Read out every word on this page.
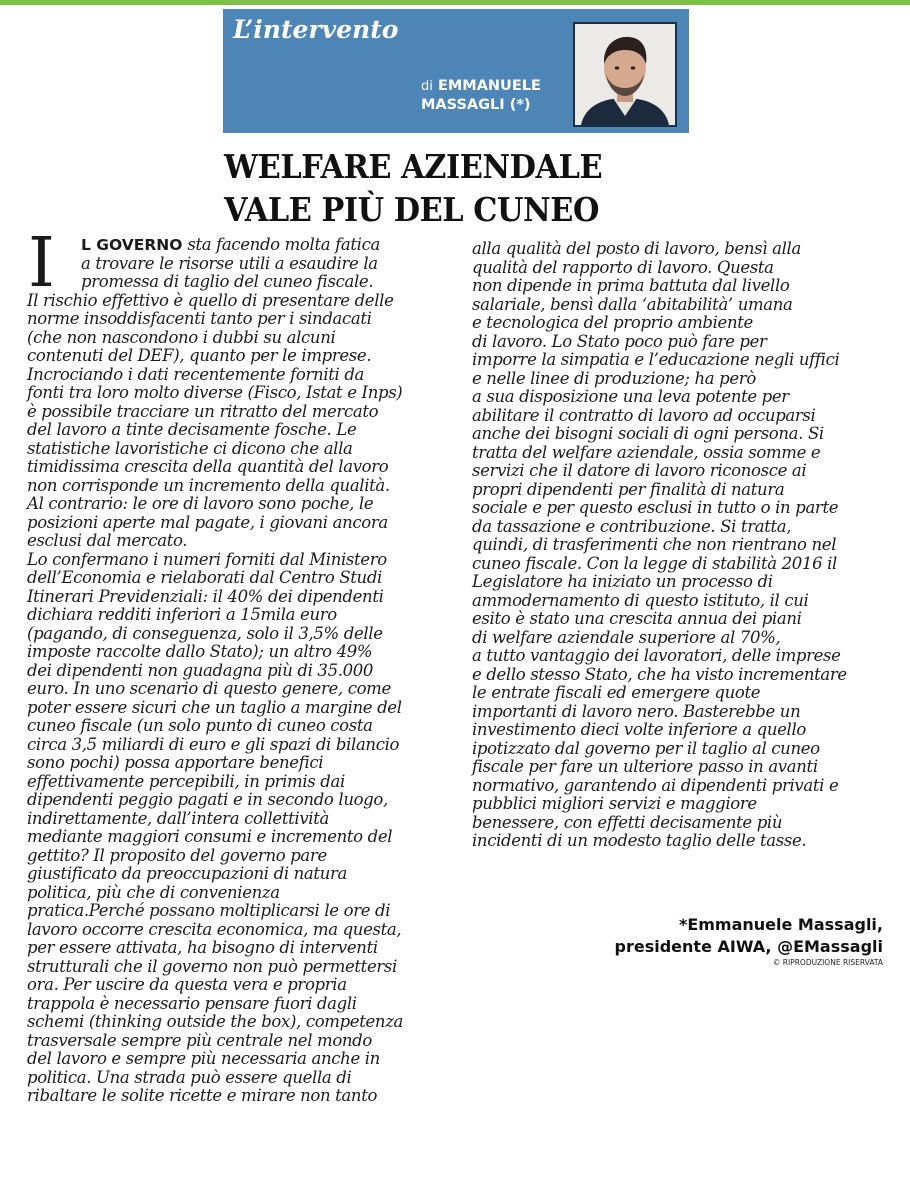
L’intervento
di EMMANUELE
MASSAGLI (*)
WELFARE AZIENDALE
VALE PIÙ DEL CUNEO
I	L GOVERNO sta facendo molta fatica
a trovare le risorse utili a esaudire la
promessa di taglio del cuneo fiscale.
Il rischio effettivo è quello di presentare delle
norme insoddisfacenti tanto per i sindacati
(che non nascondono i dubbi su alcuni
contenuti del DEF), quanto per le imprese.
Incrociando i dati recentemente forniti da
fonti tra loro molto diverse (Fisco, Istat e Inps)
è possibile tracciare un ritratto del mercato
del lavoro a tinte decisamente fosche. Le
statistiche lavoristiche ci dicono che alla
timidissima crescita della quantità del lavoro
non corrisponde un incremento della qualità.
Al contrario: le ore di lavoro sono poche, le
posizioni aperte mal pagate, i giovani ancora
esclusi dal mercato.
Lo confermano i numeri forniti dal Ministero
dell’Economia e rielaborati dal Centro Studi
Itinerari Previdenziali: il 40% dei dipendenti
dichiara redditi inferiori a 15mila euro
(pagando, di conseguenza, solo il 3,5% delle
imposte raccolte dallo Stato); un altro 49%
dei dipendenti non guadagna più di 35.000
euro. In uno scenario di questo genere, come
poter essere sicuri che un taglio a margine del
cuneo fiscale (un solo punto di cuneo costa
circa 3,5 miliardi di euro e gli spazi di bilancio
sono pochi) possa apportare benefici
effettivamente percepibili, in primis dai
dipendenti peggio pagati e in secondo luogo,
indirettamente, dall’intera collettività
mediante maggiori consumi e incremento del
gettito? Il proposito del governo pare
giustificato da preoccupazioni di natura
politica, più che di convenienza
pratica.Perché possano moltiplicarsi le ore di
lavoro occorre crescita economica, ma questa,
per essere attivata, ha bisogno di interventi
strutturali che il governo non può permettersi
ora. Per uscire da questa vera e propria
trappola è necessario pensare fuori dagli
schemi (thinking outside the box), competenza
trasversale sempre più centrale nel mondo
del lavoro e sempre più necessaria anche in
politica. Una strada può essere quella di
ribaltare le solite ricette e mirare non tanto
alla qualità del posto di lavoro, bensì alla
qualità del rapporto di lavoro. Questa
non dipende in prima battuta dal livello
salariale, bensì dalla ‘abitabilità’ umana
e tecnologica del proprio ambiente
di lavoro. Lo Stato poco può fare per
imporre la simpatia e l’educazione negli uffici
e nelle linee di produzione; ha però
a sua disposizione una leva potente per
abilitare il contratto di lavoro ad occuparsi
anche dei bisogni sociali di ogni persona. Si
tratta del welfare aziendale, ossia somme e
servizi che il datore di lavoro riconosce ai
propri dipendenti per finalità di natura
sociale e per questo esclusi in tutto o in parte
da tassazione e contribuzione. Si tratta,
quindi, di trasferimenti che non rientrano nel
cuneo fiscale. Con la legge di stabilità 2016 il
Legislatore ha iniziato un processo di
ammodernamento di questo istituto, il cui
esito è stato una crescita annua dei piani
di welfare aziendale superiore al 70%,
a tutto vantaggio dei lavoratori, delle imprese
e dello stesso Stato, che ha visto incrementare
le entrate fiscali ed emergere quote
importanti di lavoro nero. Basterebbe un
investimento dieci volte inferiore a quello
ipotizzato dal governo per il taglio al cuneo
fiscale per fare un ulteriore passo in avanti
normativo, garantendo ai dipendenti privati e
pubblici migliori servizi e maggiore
benessere, con effetti decisamente più
incidenti di un modesto taglio delle tasse.
*Emmanuele Massagli,
presidente AIWA, @EMassagli
© RIPRODUZIONE RISERVATA
